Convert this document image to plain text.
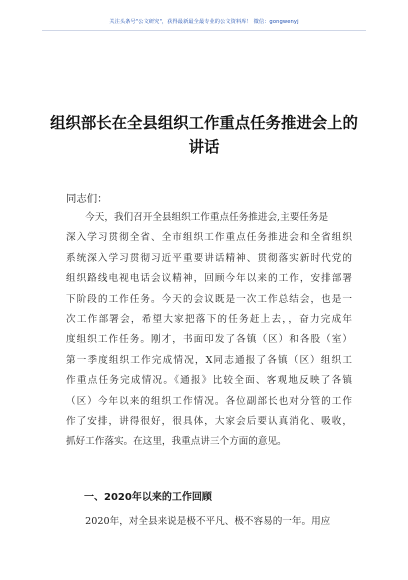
关注头条号"公文研究"，获得最新最全最专业的公文资料库！ 微信：gongwenyj
组织部长在全县组织工作重点任务推进会上的
讲话
同志们：
　　今天，我们召开全县组织工作重点任务推进会,主要任务是
深入学习贯彻全省、全市组织工作重点任务推进会和全省组织
系统深入学习贯彻习近平重要讲话精神、贯彻落实新时代党的
组织路线电视电话会议精神，回顾今年以来的工作，安排部署
下阶段的工作任务。今天的会议既是一次工作总结会，也是一
次工作部署会，希望大家把落下的任务赶上去，，奋力完成年
度组织工作任务。刚才，书面印发了各镇（区）和各股（室）
第一季度组织工作完成情况，X同志通报了各镇（区）组织工
作重点任务完成情况。《通报》比较全面、客观地反映了各镇
（区）今年以来的组织工作情况。各位副部长也对分管的工作
作了安排，讲得很好，很具体，大家会后要认真消化、吸收，
抓好工作落实。在这里，我重点讲三个方面的意见。
一、2020年以来的工作回顾
　　2020年，对全县来说是极不平凡、极不容易的一年。用应
